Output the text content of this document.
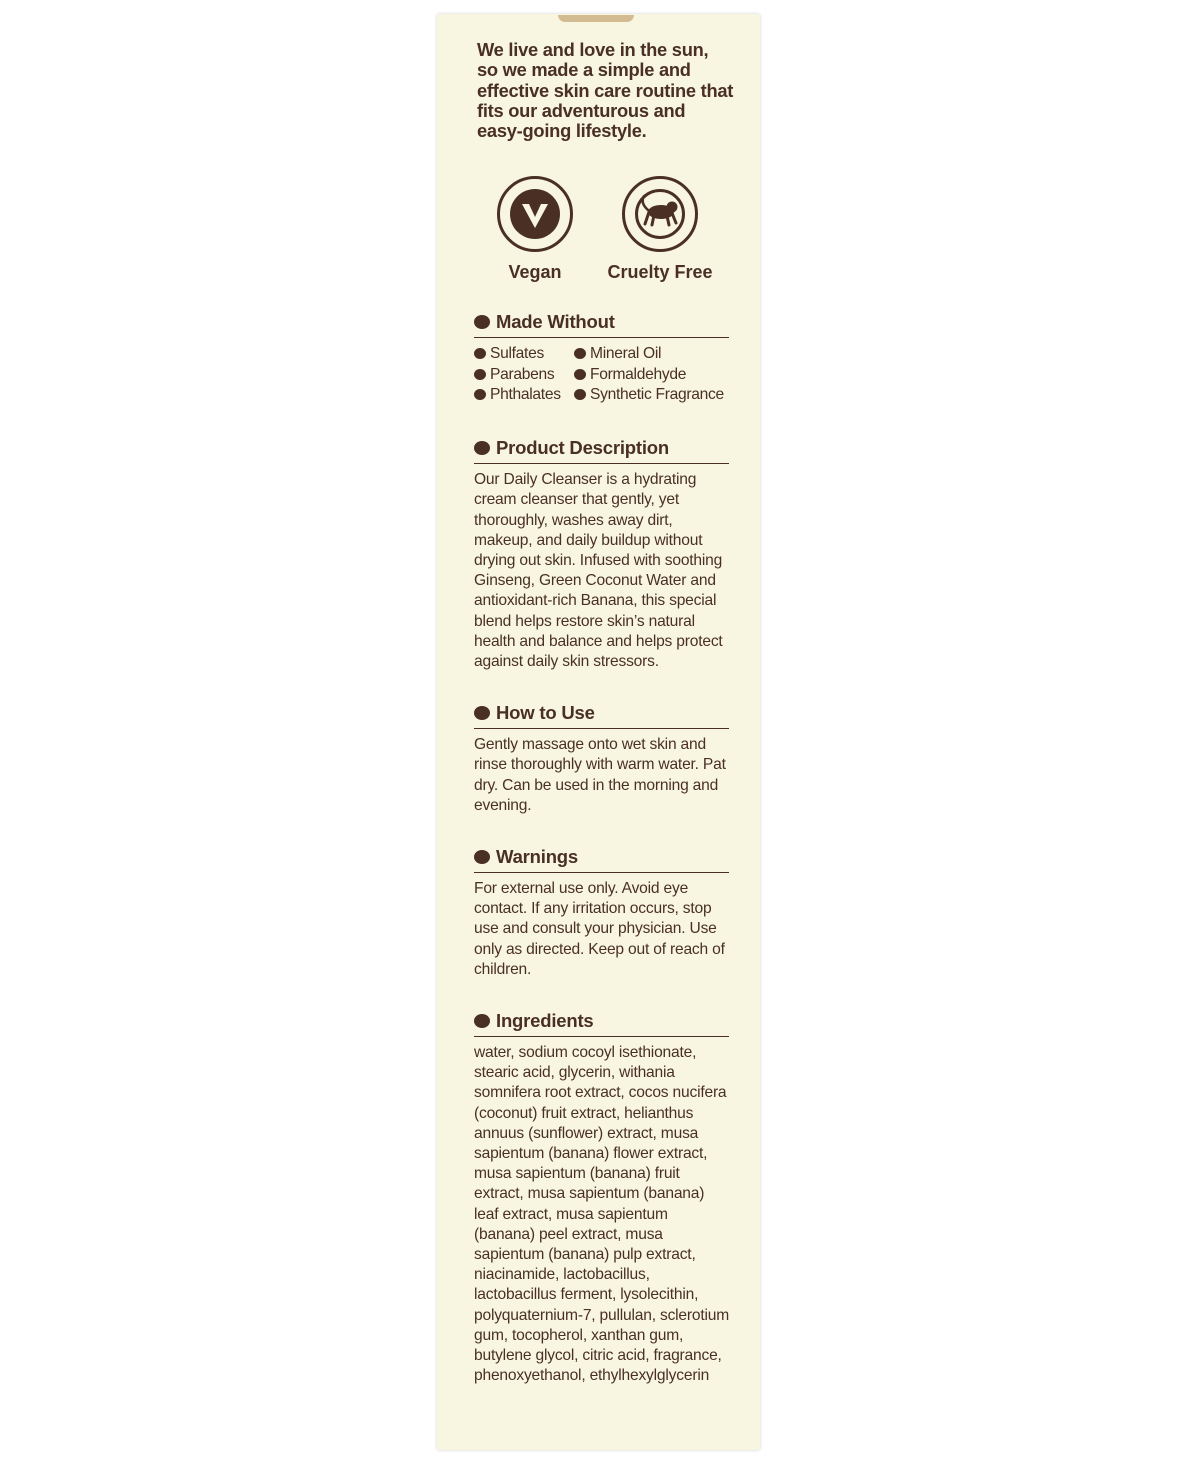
We live and love in the sun, so we made a simple and effective skin care routine that fits our adventurous and easy-going lifestyle.

Vegan	Cruelty Free
Made Without
Sulfates	Mineral Oil
Parabens	Formaldehyde
Phthalates	Synthetic Fragrance
Product Description
Our Daily Cleanser is a hydrating cream cleanser that gently, yet thoroughly, washes away dirt, makeup, and daily buildup without drying out skin. Infused with soothing Ginseng, Green Coconut Water and antioxidant-rich Banana, this special blend helps restore skin’s natural health and balance and helps protect against daily skin stressors.
How to Use
Gently massage onto wet skin and rinse thoroughly with warm water. Pat dry. Can be used in the morning and evening.
Warnings
For external use only. Avoid eye contact. If any irritation occurs, stop use and consult your physician. Use only as directed. Keep out of reach of children.
Ingredients
water, sodium cocoyl isethionate, stearic acid, glycerin, withania somnifera root extract, cocos nucifera (coconut) fruit extract, helianthus annuus (sunflower) extract, musa sapientum (banana) flower extract, musa sapientum (banana) fruit extract, musa sapientum (banana) leaf extract, musa sapientum (banana) peel extract, musa sapientum (banana) pulp extract, niacinamide, lactobacillus, lactobacillus ferment, lysolecithin, polyquaternium-7, pullulan, sclerotium gum, tocopherol, xanthan gum, butylene glycol, citric acid, fragrance, phenoxyethanol, ethylhexylglycerin
